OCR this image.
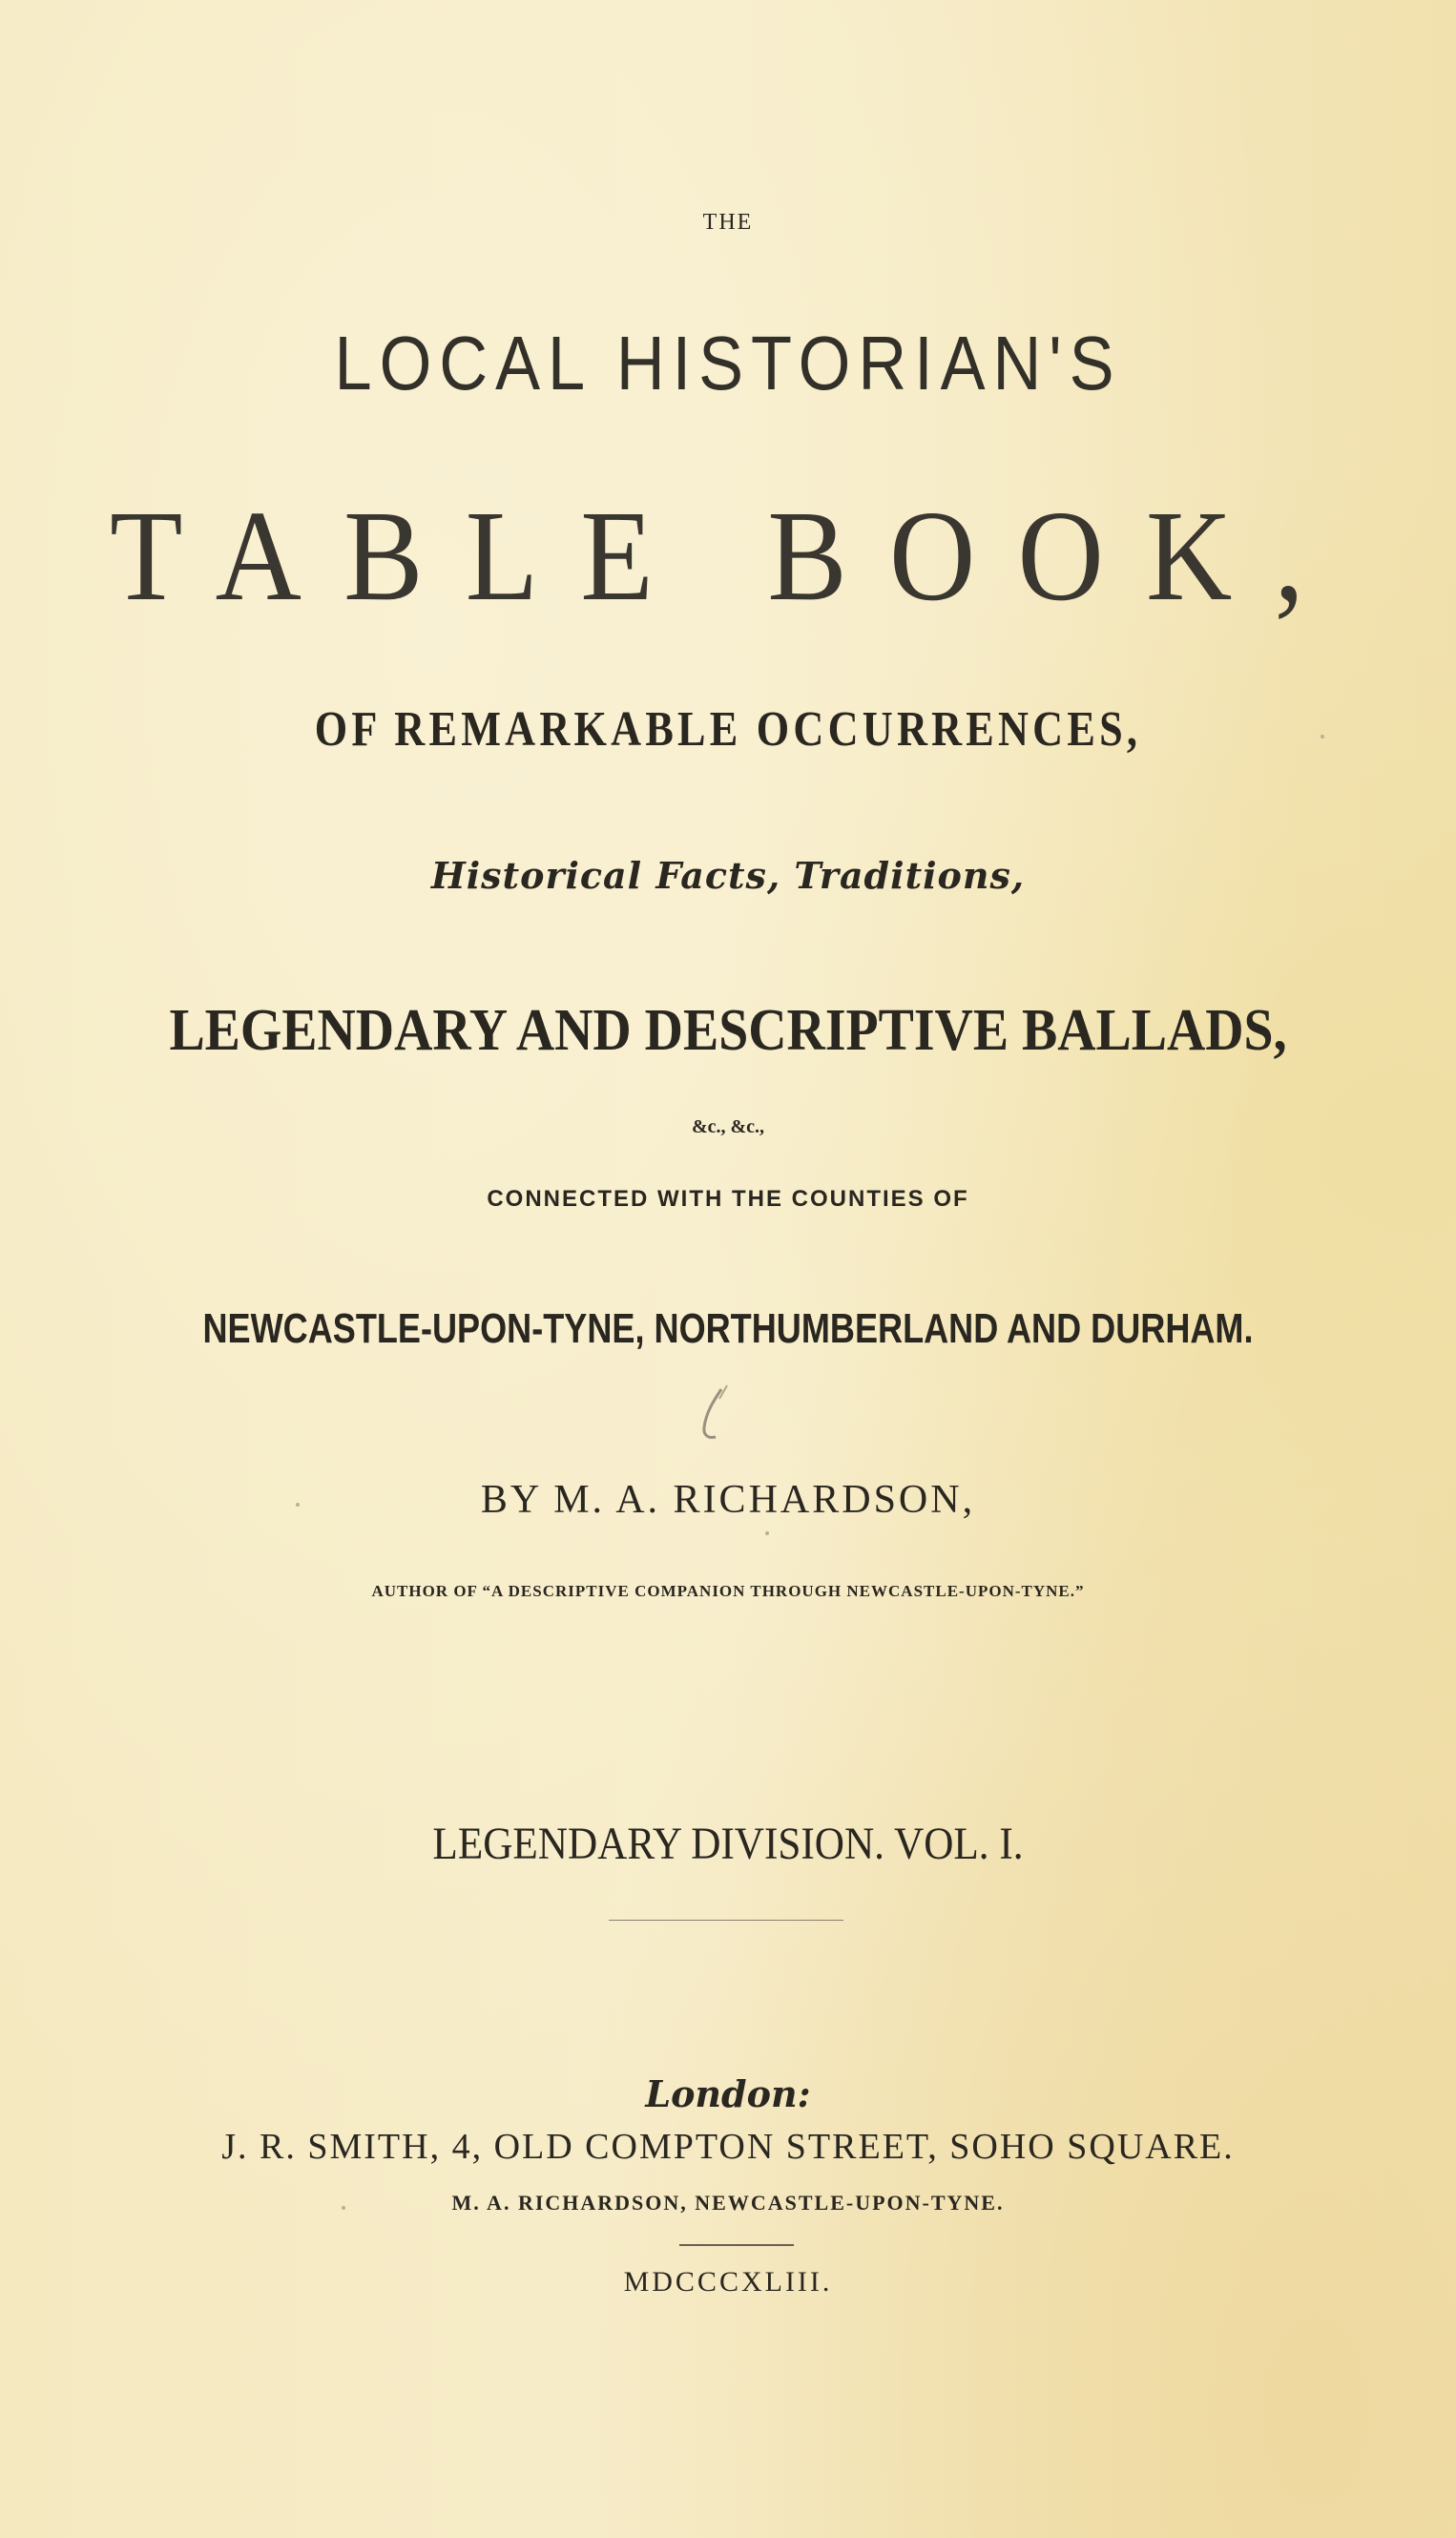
THE

LOCAL HISTORIAN'S

TABLE BOOK,

OF REMARKABLE OCCURRENCES,

Historical Facts, Traditions,

LEGENDARY AND DESCRIPTIVE BALLADS,

&c., &c.,

CONNECTED WITH THE COUNTIES OF

NEWCASTLE-UPON-TYNE, NORTHUMBERLAND AND DURHAM.

BY M. A. RICHARDSON,

AUTHOR OF “A DESCRIPTIVE COMPANION THROUGH NEWCASTLE-UPON-TYNE.”

LEGENDARY DIVISION. VOL. I.

London:

J. R. SMITH, 4, OLD COMPTON STREET, SOHO SQUARE.

M. A. RICHARDSON, NEWCASTLE-UPON-TYNE.

MDCCCXLIII.
